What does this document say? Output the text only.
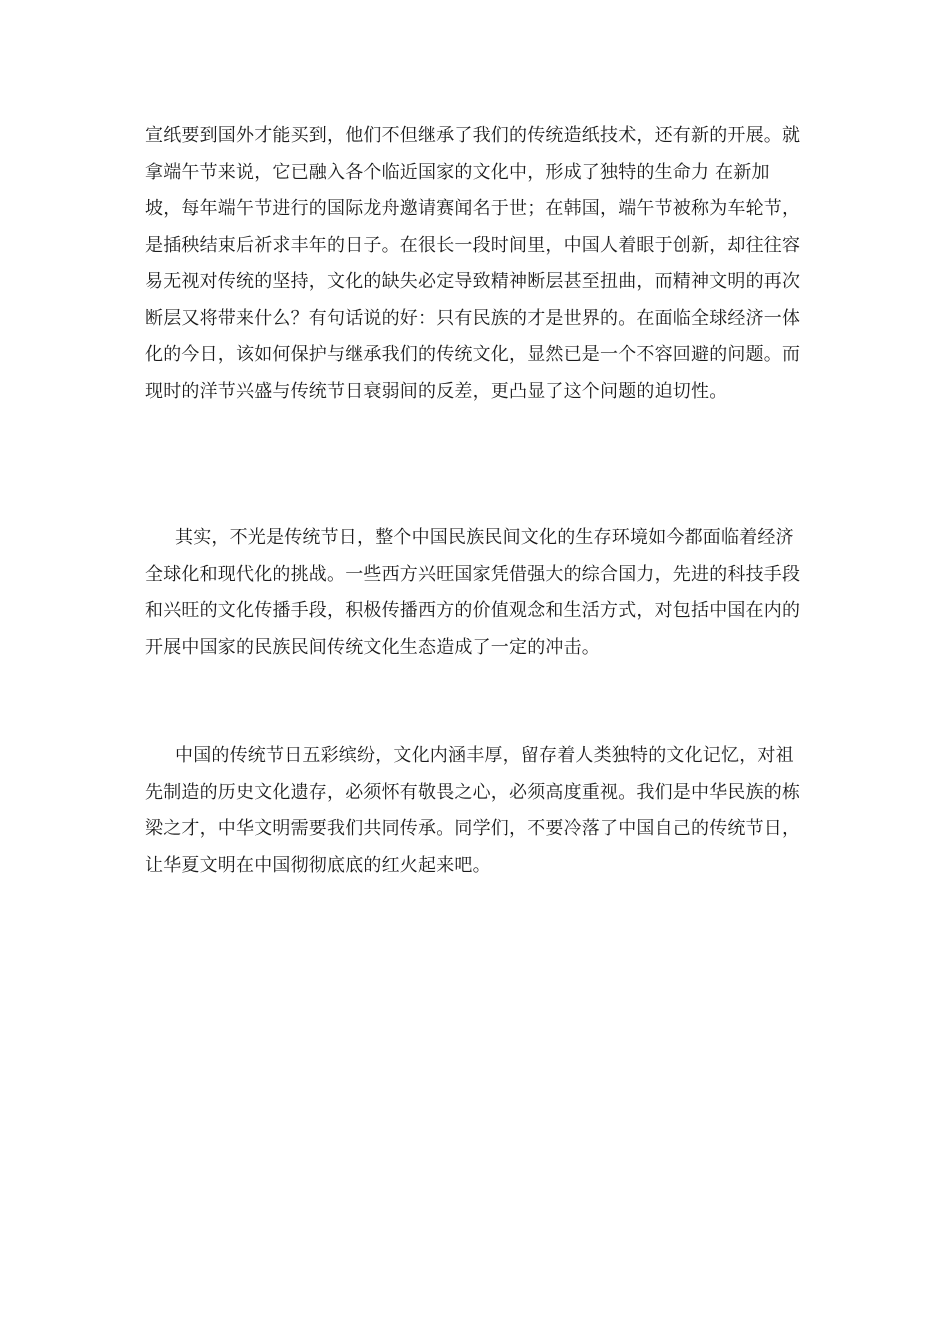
宣纸要到国外才能买到，他们不但继承了我们的传统造纸技术，还有新的开展。就拿端午节来说，它已融入各个临近国家的文化中，形成了独特的生命力 在新加坡，每年端午节进行的国际龙舟邀请赛闻名于世；在韩国，端午节被称为车轮节，是插秧结束后祈求丰年的日子。在很长一段时间里，中国人着眼于创新，却往往容易无视对传统的坚持，文化的缺失必定导致精神断层甚至扭曲，而精神文明的再次断层又将带来什么？有句话说的好：只有民族的才是世界的。在面临全球经济一体化的今日，该如何保护与继承我们的传统文化，显然已是一个不容回避的问题。而现时的洋节兴盛与传统节日衰弱间的反差，更凸显了这个问题的迫切性。

其实，不光是传统节日，整个中国民族民间文化的生存环境如今都面临着经济全球化和现代化的挑战。一些西方兴旺国家凭借强大的综合国力，先进的科技手段和兴旺的文化传播手段，积极传播西方的价值观念和生活方式，对包括中国在内的开展中国家的民族民间传统文化生态造成了一定的冲击。

中国的传统节日五彩缤纷，文化内涵丰厚，留存着人类独特的文化记忆，对祖先制造的历史文化遗存，必须怀有敬畏之心，必须高度重视。我们是中华民族的栋梁之才，中华文明需要我们共同传承。同学们，不要冷落了中国自己的传统节日，让华夏文明在中国彻彻底底的红火起来吧。
